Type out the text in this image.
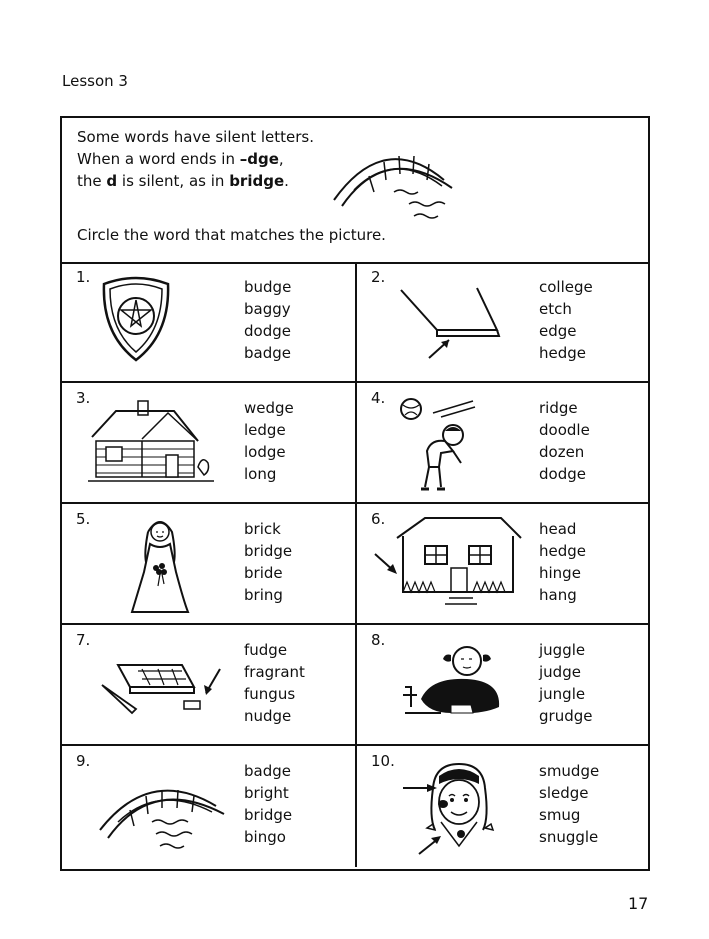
Lesson 3

Some words have silent letters.

When a word ends in –dge,

the d is silent, as in bridge.

Circle the word that matches the picture.

1.
budge
baggy
dodge
badge
2.
college
etch
edge
hedge
3.
wedge
ledge
lodge
long
4.
ridge
doodle
dozen
dodge
5.
brick
bridge
bride
bring
6.
head
hedge
hinge
hang
7.
fudge
fragrant
fungus
nudge
8.
juggle
judge
jungle
grudge
9.
badge
bright
bridge
bingo
10.
smudge
sledge
smug
snuggle
17
